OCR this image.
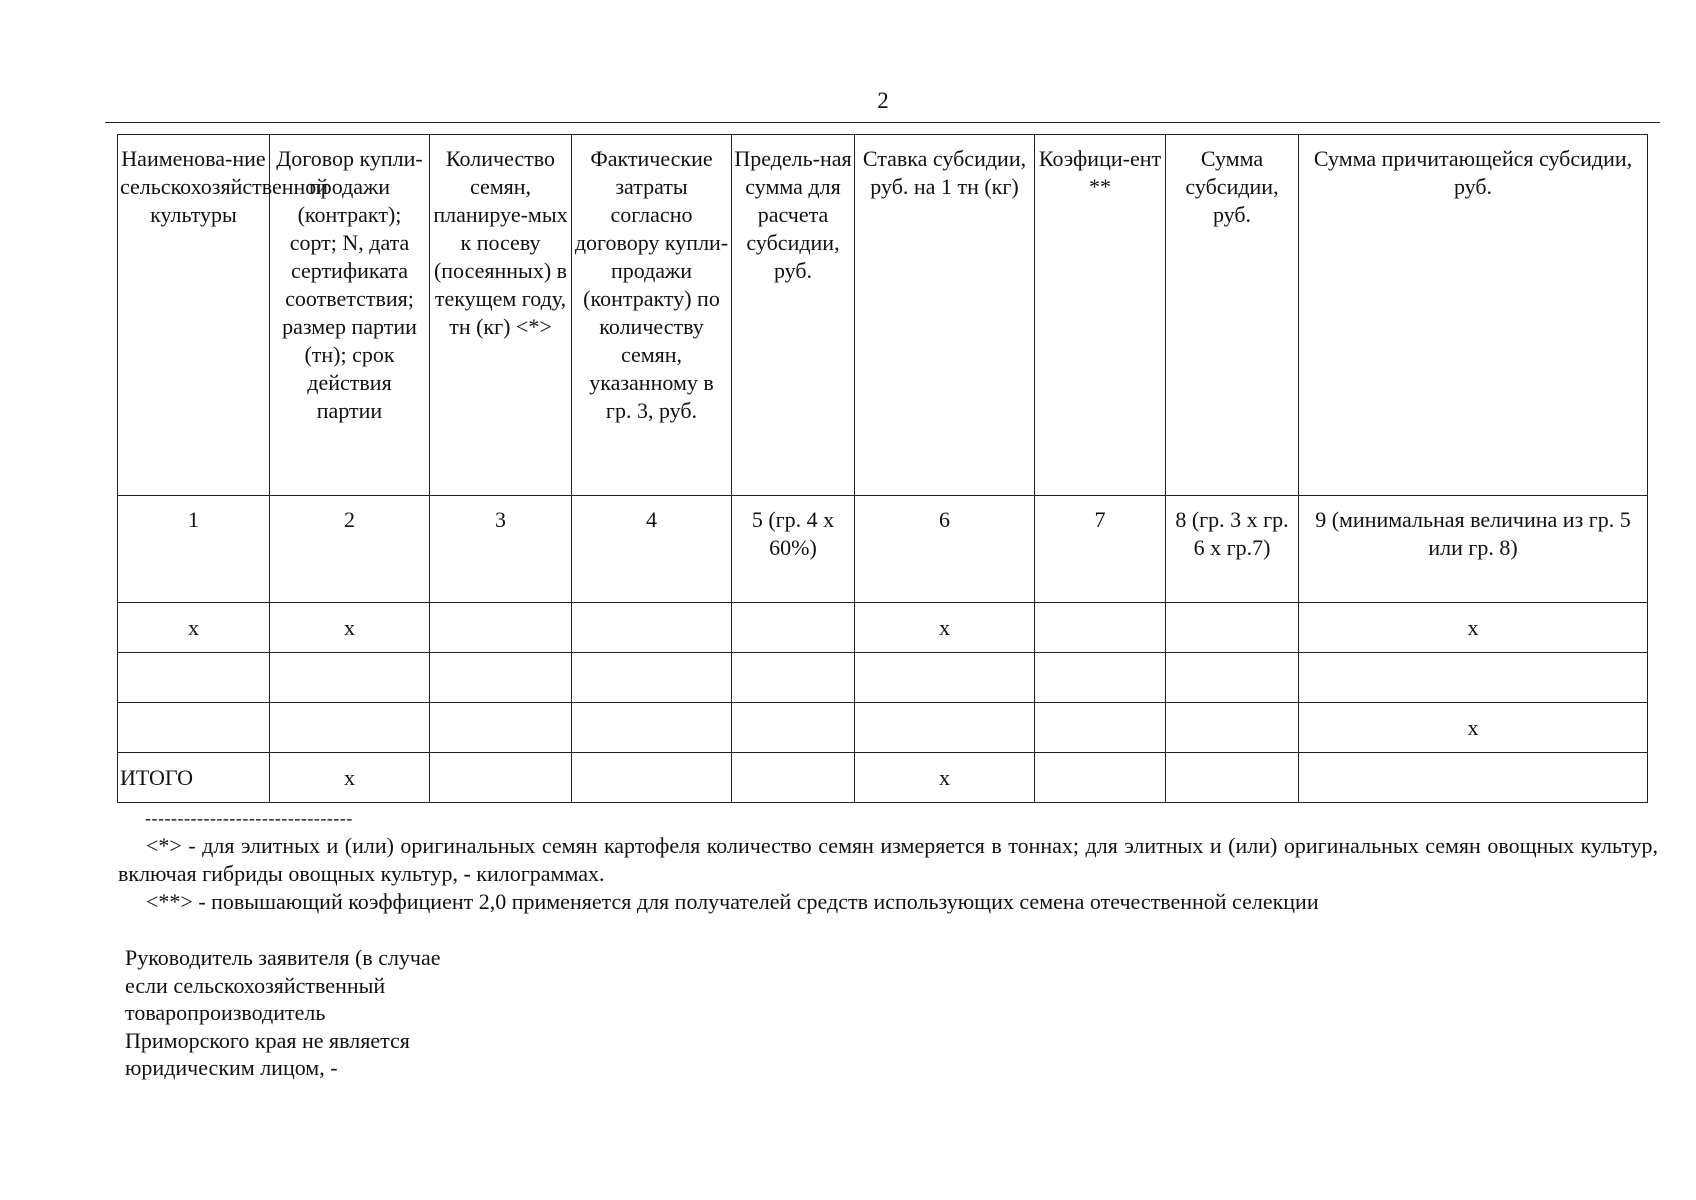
2
Наименова-ние сельскохозяйственной культуры	Договор купли-продажи (контракт); сорт; N, дата сертификата соответствия; размер партии (тн); срок действия партии	Количество семян, планируе-мых к посеву (посеянных) в текущем году, тн (кг) <*>	Фактические затраты согласно договору купли-продажи (контракту) по количеству семян, указанному в гр. 3, руб.	Предель-ная сумма для расчета субсидии, руб.	Ставка субсидии, руб. на 1 тн (кг)	Коэфици-ент **	Сумма субсидии, руб.	Сумма причитающейся субсидии, руб.
1	2	3	4	5 (гр. 4 х 60%)	6	7	8 (гр. 3 х гр. 6 х гр.7)	9 (минимальная величина из гр. 5 или гр. 8)
х	х				х			х

								х
ИТОГО	х				х			
--------------------------------

<*> - для элитных и (или) оригинальных семян картофеля количество семян измеряется в тоннах; для элитных и (или) оригинальных семян овощных культур, включая гибриды овощных культур, - килограммах.

<**> - повышающий коэффициент 2,0 применяется для получателей средств использующих семена отечественной селекции

Руководитель заявителя (в случае
если сельскохозяйственный
товаропроизводитель
Приморского края не является
юридическим лицом, -
